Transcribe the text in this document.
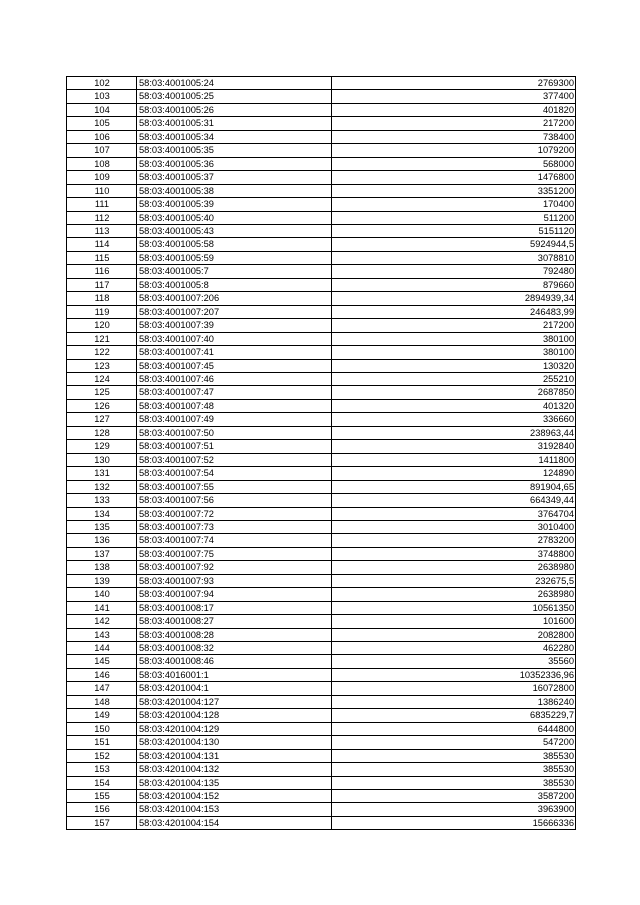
102	58:03:4001005:24	2769300
103	58:03:4001005:25	377400
104	58:03:4001005:26	401820
105	58:03:4001005:31	217200
106	58:03:4001005:34	738400
107	58:03:4001005:35	1079200
108	58:03:4001005:36	568000
109	58:03:4001005:37	1476800
110	58:03:4001005:38	3351200
111	58:03:4001005:39	170400
112	58:03:4001005:40	511200
113	58:03:4001005:43	5151120
114	58:03:4001005:58	5924944,5
115	58:03:4001005:59	3078810
116	58:03:4001005:7	792480
117	58:03:4001005:8	879660
118	58:03:4001007:206	2894939,34
119	58:03:4001007:207	246483,99
120	58:03:4001007:39	217200
121	58:03:4001007:40	380100
122	58:03:4001007:41	380100
123	58:03:4001007:45	130320
124	58:03:4001007:46	255210
125	58:03:4001007:47	2687850
126	58:03:4001007:48	401320
127	58:03:4001007:49	336660
128	58:03:4001007:50	238963,44
129	58:03:4001007:51	3192840
130	58:03:4001007:52	1411800
131	58:03:4001007:54	124890
132	58:03:4001007:55	891904,65
133	58:03:4001007:56	664349,44
134	58:03:4001007:72	3764704
135	58:03:4001007:73	3010400
136	58:03:4001007:74	2783200
137	58:03:4001007:75	3748800
138	58:03:4001007:92	2638980
139	58:03:4001007:93	232675,5
140	58:03:4001007:94	2638980
141	58:03:4001008:17	10561350
142	58:03:4001008:27	101600
143	58:03:4001008:28	2082800
144	58:03:4001008:32	462280
145	58:03:4001008:46	35560
146	58:03:4016001:1	10352336,96
147	58:03:4201004:1	16072800
148	58:03:4201004:127	1386240
149	58:03:4201004:128	6835229,7
150	58:03:4201004:129	6444800
151	58:03:4201004:130	547200
152	58:03:4201004:131	385530
153	58:03:4201004:132	385530
154	58:03:4201004:135	385530
155	58:03:4201004:152	3587200
156	58:03:4201004:153	3963900
157	58:03:4201004:154	15666336
